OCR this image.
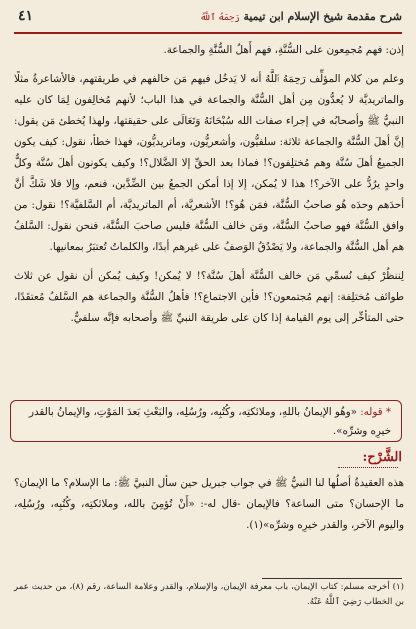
شرح مقدمة شيخ الإسلام ابن تيمية رَحِمَهُ ٱللَّهُ
٤١

إذن: فهم مُجمِعون على السُّنَّةِ، فهم أَهلُ السُّنَّةِ والجماعة.

وعلم من كلام المؤلِّف رَحِمَهُ ٱللَّهُ أنه لا يَدخُل فيهم مَن خالفهم في طريقتهم، فالأشاعرةُ مثلًا والماتريديَّة لا يُعدُّون مِن أهل السُّنَّة والجماعة في هذا الباب؛ لأنهم مُخالِفون لِمَا كان عليه النبيُّ ﷺ وأصحابُه في إجراء صفات الله سُبْحَانَهُ وَتَعَالَى على حقيقتها، ولهذا يُخطئ مَن يقول: إنَّ أهلَ السُّنَّة والجماعة ثلاثة: سلفيُّون، وأشعريُّون، وماتريديُّون، فهذا خطأ، نقول: كيف يكون الجميعُ أهلَ سُنَّة وهم مُختلِفون؟! فماذا بعد الحقِّ إلا الضَّلال؟! وكيف يكونون أهلَ سُنَّة وكلٌّ واحدٍ يرُدُّ على الآخر؟! هذا لا يُمكن، إلا إذا أمكن الجمعُ بين الضِّدَّين، فنعم، وإلا فلا شَكَّ أنَّ أحدَهم وحدَه هُو صاحبُ السُّنَّة، فمَن هُو؟! الأشعريَّة، أم الماتريديَّة، أم السَّلفيَّة؟! نقول: من وافق السُّنَّة فهو صاحبُ السُّنَّة، ومَن خالف السُّنَّة فليس صاحبَ السُّنَّة، فنحن نقول: السَّلفُ هم أهل السُّنَّة والجماعة، ولا يَصْدُقُ الوَصفُ على غيرهم أبدًا، والكلماتُ تُعتبَرُ بمعانيها.

لِننظُرْ كيف نُسمِّي مَن خالف السُّنَّة أهلَ سُنَّة؟! لا يُمكن! وكيف يُمكن أن نقول عن ثلاث طوائف مُختلِفة: إنهم مُجتمعون؟! فأين الاجتماع؟! فأهلُ السُّنَّة والجماعة هم السَّلفُ مُعتقَدًا، حتى المتأخِّر إلى يوم القيامة إذا كان على طريقة النبيِّ ﷺ وأصحابه فإنَّه سلفيٌّ.

* قوله: «وهُو الإيمانُ باللهِ، وملائكتِه، وكُتُبِه، ورُسُلِه، والبَعْثِ بَعدَ المَوْتِ، والإيمانُ بالقدر خيرِه وشرِّه».
الشَّرْح:
هذه العقيدةُ أصلُها لنا النبيُّ ﷺ في جواب جبريل حين سأل النبيَّ ﷺ: ما الإسلام؟ ما الإيمان؟ ما الإحسان؟ متى الساعة؟ فالإيمان -قال له-: «أَنْ تُؤمِنَ بالله، وملائكتِه، وكُتُبِه، ورُسُلِه، واليوم الآخر، والقدر خيرِه وشرِّه»(١).
(١) أخرجه مسلم: كتاب الإيمان، باب معرفة الإيمان، والإسلام، والقدر وعلامة الساعة، رقم (٨)، من حديث عمر بن الخطاب رَضِيَ ٱللَّهُ عَنْهُ.
